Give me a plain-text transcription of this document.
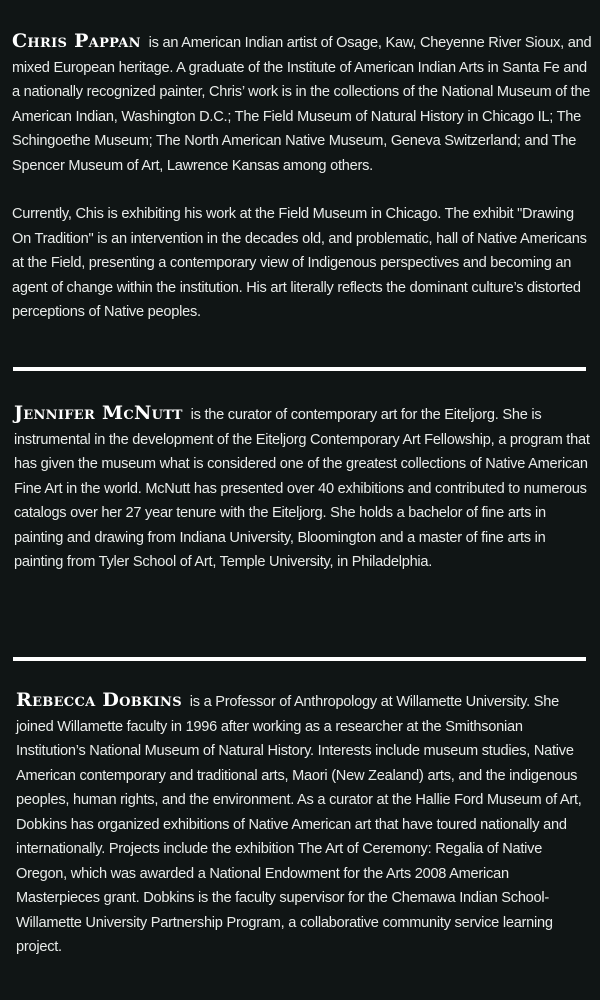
Chris Pappan is an American Indian artist of Osage, Kaw, Cheyenne River Sioux, and mixed European heritage. A graduate of the Institute of American Indian Arts in Santa Fe and a nationally recognized painter, Chris’ work is in the collections of the National Museum of the American Indian, Washington D.C.; The Field Museum of Natural History in Chicago IL; The Schingoethe Museum; The North American Native Museum, Geneva Switzerland; and The Spencer Museum of Art, Lawrence Kansas among others.

Currently, Chis is exhibiting his work at the Field Museum in Chicago. The exhibit "Drawing On Tradition" is an intervention in the decades old, and problematic, hall of Native Americans at the Field, presenting a contemporary view of Indigenous perspectives and becoming an agent of change within the institution. His art literally reflects the dominant culture’s distorted perceptions of Native peoples.

Jennifer McNutt is the curator of contemporary art for the Eiteljorg. She is instrumental in the development of the Eiteljorg Contemporary Art Fellowship, a program that has given the museum what is considered one of the greatest collections of Native American Fine Art in the world. McNutt has presented over 40 exhibitions and contributed to numerous catalogs over her 27 year tenure with the Eiteljorg. She holds a bachelor of fine arts in painting and drawing from Indiana University, Bloomington and a master of fine arts in painting from Tyler School of Art, Temple University, in Philadelphia.

Rebecca Dobkins is a Professor of Anthropology at Willamette University. She joined Willamette faculty in 1996 after working as a researcher at the Smithsonian Institution’s National Museum of Natural History. Interests include museum studies, Native American contemporary and traditional arts, Maori (New Zealand) arts, and the indigenous peoples, human rights, and the environment. As a curator at the Hallie Ford Museum of Art, Dobkins has organized exhibitions of Native American art that have toured nationally and internationally. Projects include the exhibition The Art of Ceremony: Regalia of Native Oregon, which was awarded a National Endowment for the Arts 2008 American Masterpieces grant. Dobkins is the faculty supervisor for the Chemawa Indian School-Willamette University Partnership Program, a collaborative community service learning project.
